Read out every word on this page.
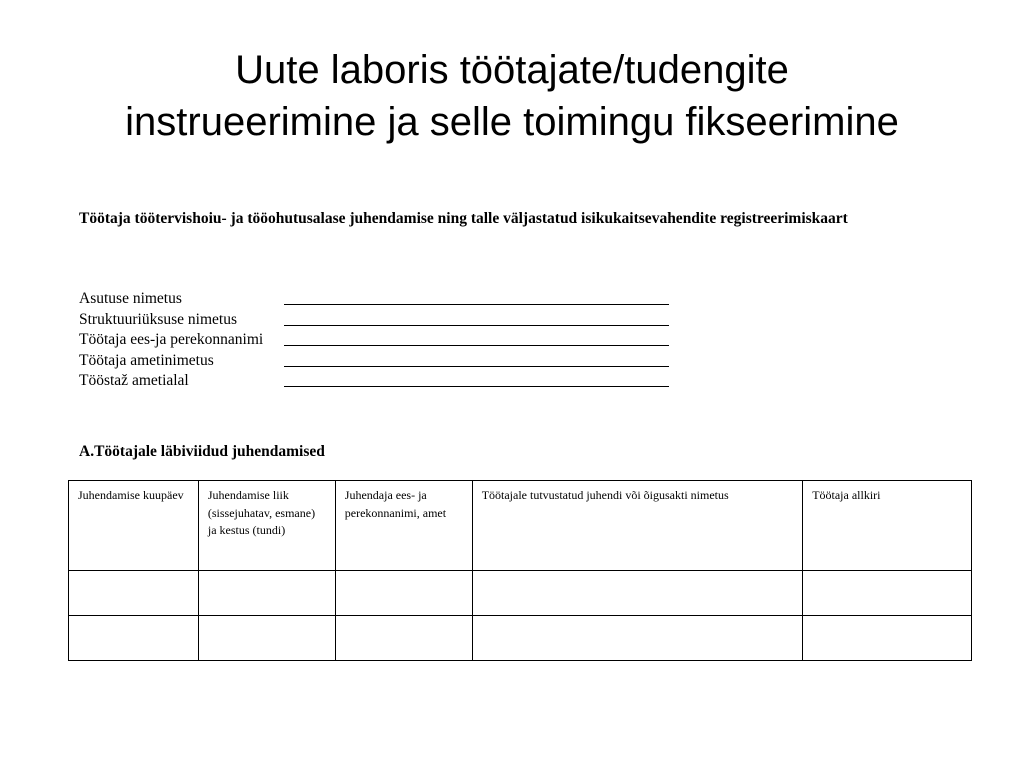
Uute laboris töötajate/tudengite
instrueerimine ja selle toimingu fikseerimine

Töötaja töötervishoiu- ja tööohutusalase juhendamise ning talle väljastatud isikukaitsevahendite registreerimiskaart

Asutuse nimetus
Struktuuriüksuse nimetus
Töötaja ees-ja perekonnanimi
Töötaja ametinimetus
Tööstaž ametialal

A.Töötajale läbiviidud juhendamised

Juhendamise kuupäev	Juhendamise liik (sissejuhatav, esmane) ja kestus (tundi)	Juhendaja ees- ja perekonnanimi, amet	Töötajale tutvustatud juhendi või õigusakti nimetus	Töötaja allkiri
